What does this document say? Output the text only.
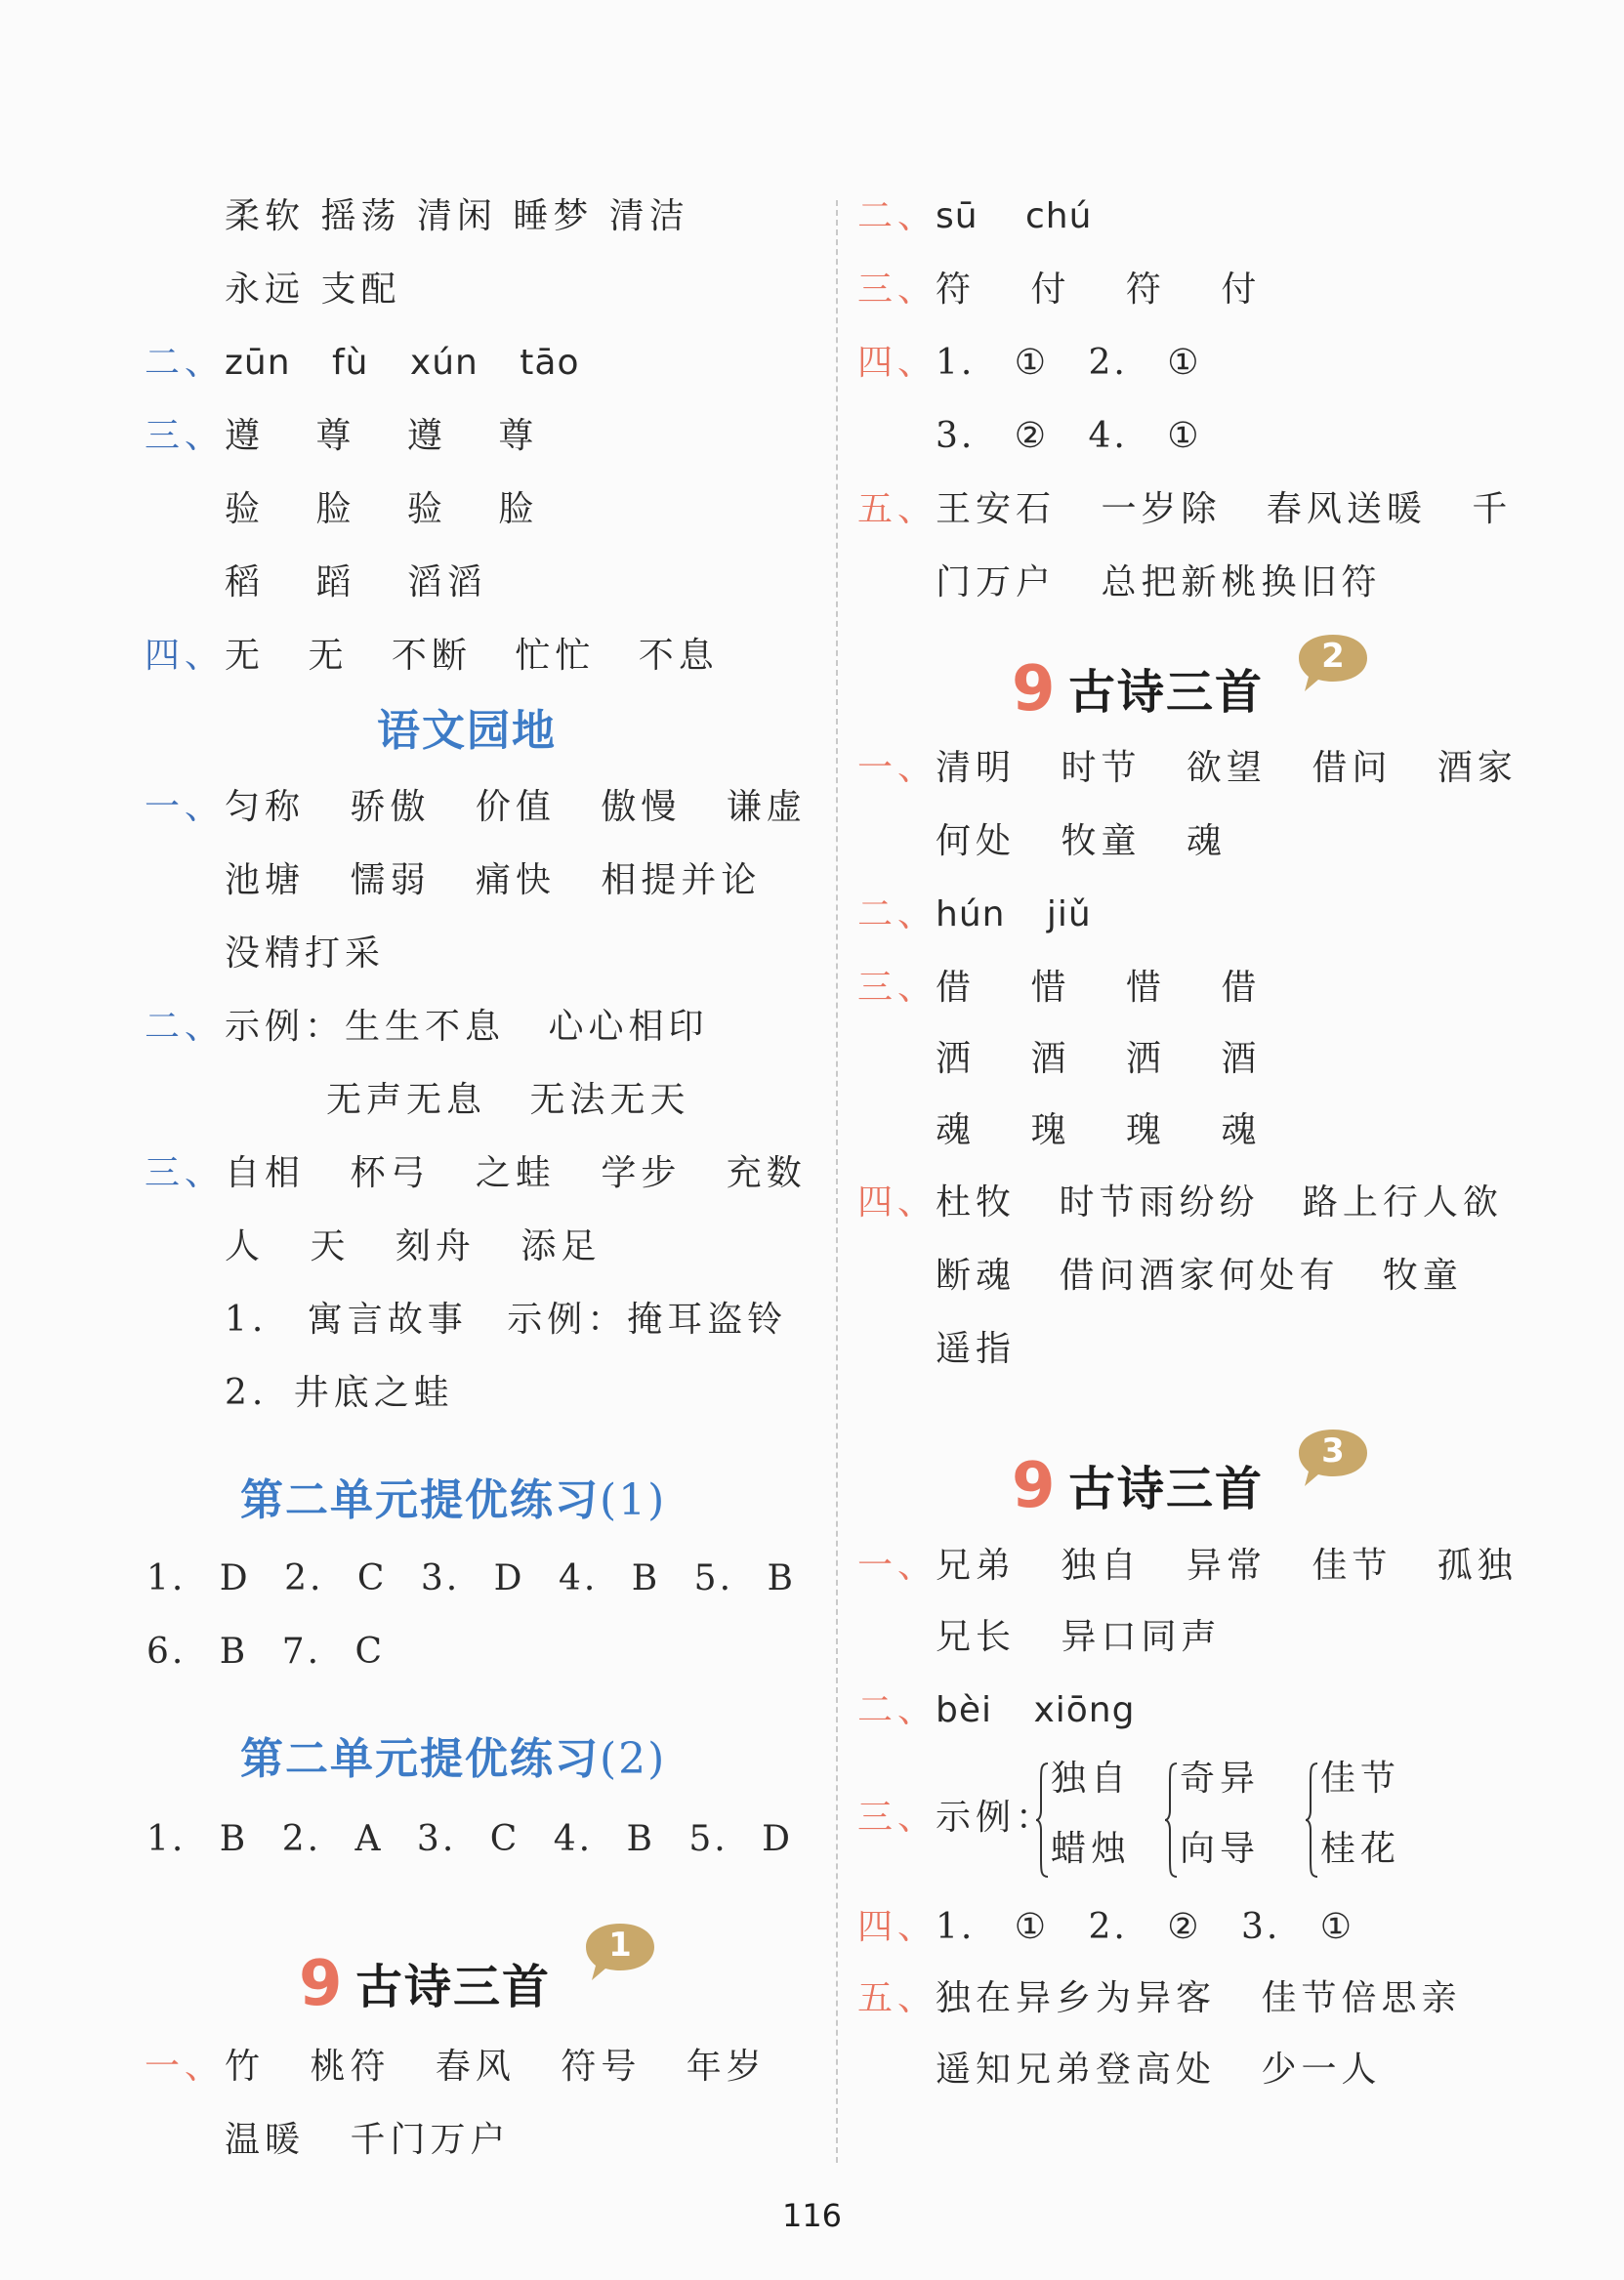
柔软 摇荡 清闲 睡梦 清洁
永远 支配
二、 zūn fù xún tāo
三、 遵 尊 遵 尊
验 脸 验 脸
稻 蹈 滔滔
四、 无 无 不断 忙忙 不息
语文园地
一、 匀称 骄傲 价值 傲慢 谦虚
池塘 懦弱 痛快 相提并论
没精打采
二、 示例：生生不息 心心相印
无声无息 无法无天
三、 自相 杯弓 之蛙 学步 充数
人 天 刻舟 添足
1. 寓言故事 示例：掩耳盗铃
2. 井底之蛙
第二单元提优练习(1)
1. D 2. C 3. D 4. B 5. B
6. B 7. C
第二单元提优练习(2)
1. B 2. A 3. C 4. B 5. D
9 古诗三首
1
一、 竹 桃符 春风 符号 年岁
温暖 千门万户
二、
sū chú
三、
符 付 符 付
四、
1. ① 2. ①
3. ② 4. ①
五、
王安石 一岁除 春风送暖 千
门万户 总把新桃换旧符
9 古诗三首
2
一、
清明 时节 欲望 借问 酒家
何处 牧童 魂
二、
hún jiǔ
三、
借 惜 惜 借
洒 酒 洒 酒
魂 瑰 瑰 魂
四、
杜牧 时节雨纷纷 路上行人欲
断魂 借问酒家何处有 牧童
遥指
9 古诗三首
3
一、
兄弟 独自 异常 佳节 孤独
兄长 异口同声
二、
bèi xiōng
三、
示例：
独自
蜡烛
奇异
向导
佳节
桂花
四、
1. ① 2. ② 3. ①
五、
独在异乡为异客 佳节倍思亲
遥知兄弟登高处 少一人
116
